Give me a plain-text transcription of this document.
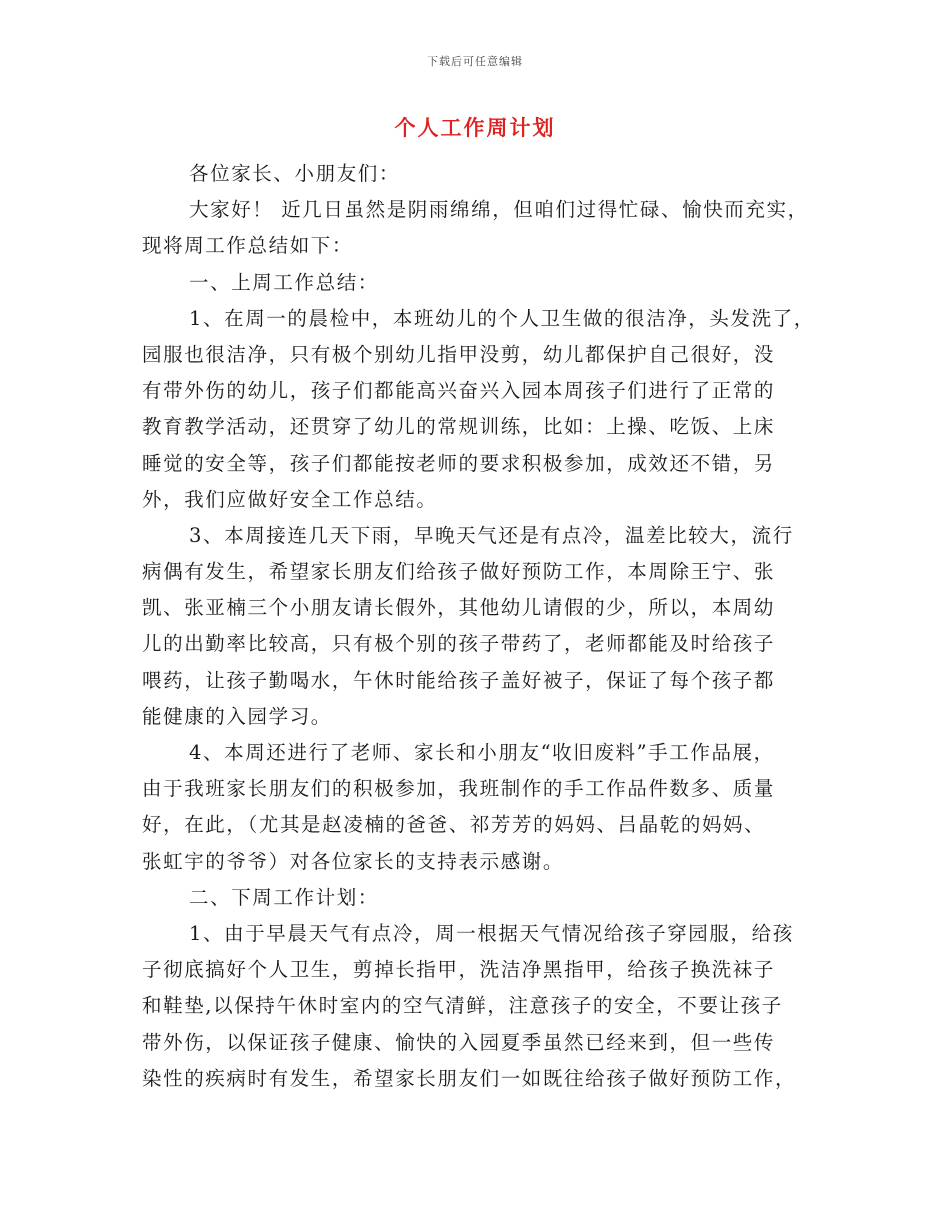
下载后可任意编辑
个人工作周计划
各位家长、小朋友们：
大家好！ 近几日虽然是阴雨绵绵，但咱们过得忙碌、愉快而充实，
现将周工作总结如下：
一、上周工作总结：
1、在周一的晨检中，本班幼儿的个人卫生做的很洁净，头发洗了，
园服也很洁净，只有极个别幼儿指甲没剪，幼儿都保护自己很好，没
有带外伤的幼儿，孩子们都能高兴奋兴入园本周孩子们进行了正常的
教育教学活动，还贯穿了幼儿的常规训练，比如：上操、吃饭、上床
睡觉的安全等，孩子们都能按老师的要求积极参加，成效还不错，另
外，我们应做好安全工作总结。
3、本周接连几天下雨，早晚天气还是有点冷，温差比较大，流行
病偶有发生，希望家长朋友们给孩子做好预防工作，本周除王宁、张
凯、张亚楠三个小朋友请长假外，其他幼儿请假的少，所以，本周幼
儿的出勤率比较高，只有极个别的孩子带药了，老师都能及时给孩子
喂药，让孩子勤喝水，午休时能给孩子盖好被子，保证了每个孩子都
能健康的入园学习。
4、本周还进行了老师、家长和小朋友“收旧废料”手工作品展，
由于我班家长朋友们的积极参加，我班制作的手工作品件数多、质量
好，在此，（尤其是赵凌楠的爸爸、祁芳芳的妈妈、吕晶乾的妈妈、
张虹宇的爷爷）对各位家长的支持表示感谢。
二、下周工作计划：
1、由于早晨天气有点冷，周一根据天气情况给孩子穿园服，给孩
子彻底搞好个人卫生，剪掉长指甲，洗洁净黑指甲，给孩子换洗袜子
和鞋垫,以保持午休时室内的空气清鲜，注意孩子的安全，不要让孩子
带外伤，以保证孩子健康、愉快的入园夏季虽然已经来到，但一些传
染性的疾病时有发生，希望家长朋友们一如既往给孩子做好预防工作，
